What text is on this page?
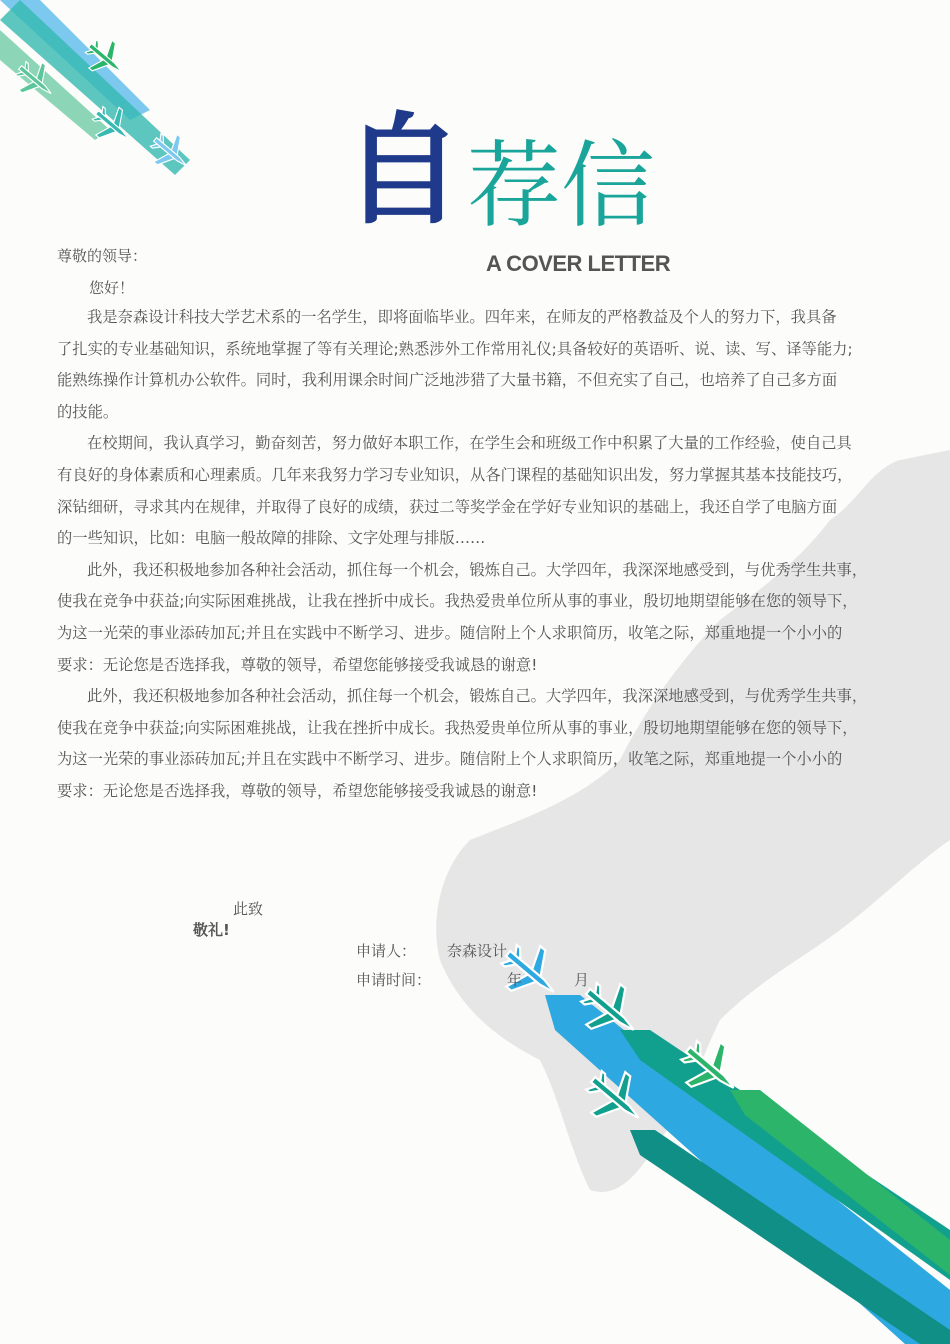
自 荐信
A COVER LETTER
尊敬的领导：
您好！
我是奈森设计科技大学艺术系的一名学生，即将面临毕业。四年来，在师友的严格教益及个人的努力下，我具备
了扎实的专业基础知识，系统地掌握了等有关理论;熟悉涉外工作常用礼仪;具备较好的英语听、说、读、写、译等能力;
能熟练操作计算机办公软件。同时，我利用课余时间广泛地涉猎了大量书籍，不但充实了自己，也培养了自己多方面
的技能。
在校期间，我认真学习，勤奋刻苦，努力做好本职工作，在学生会和班级工作中积累了大量的工作经验，使自己具
有良好的身体素质和心理素质。几年来我努力学习专业知识，从各门课程的基础知识出发，努力掌握其基本技能技巧，
深钻细研，寻求其内在规律，并取得了良好的成绩，获过二等奖学金在学好专业知识的基础上，我还自学了电脑方面
的一些知识，比如：电脑一般故障的排除、文字处理与排版……
此外，我还积极地参加各种社会活动，抓住每一个机会，锻炼自己。大学四年，我深深地感受到，与优秀学生共事，
使我在竞争中获益;向实际困难挑战，让我在挫折中成长。我热爱贵单位所从事的事业，殷切地期望能够在您的领导下，
为这一光荣的事业添砖加瓦;并且在实践中不断学习、进步。随信附上个人求职简历，收笔之际，郑重地提一个小小的
要求：无论您是否选择我，尊敬的领导，希望您能够接受我诚恳的谢意!
此外，我还积极地参加各种社会活动，抓住每一个机会，锻炼自己。大学四年，我深深地感受到，与优秀学生共事，
使我在竞争中获益;向实际困难挑战，让我在挫折中成长。我热爱贵单位所从事的事业，殷切地期望能够在您的领导下，
为这一光荣的事业添砖加瓦;并且在实践中不断学习、进步。随信附上个人求职简历，收笔之际，郑重地提一个小小的
要求：无论您是否选择我，尊敬的领导，希望您能够接受我诚恳的谢意!
此致
敬礼!
申请人： 奈森设计
申请时间：	年	月
